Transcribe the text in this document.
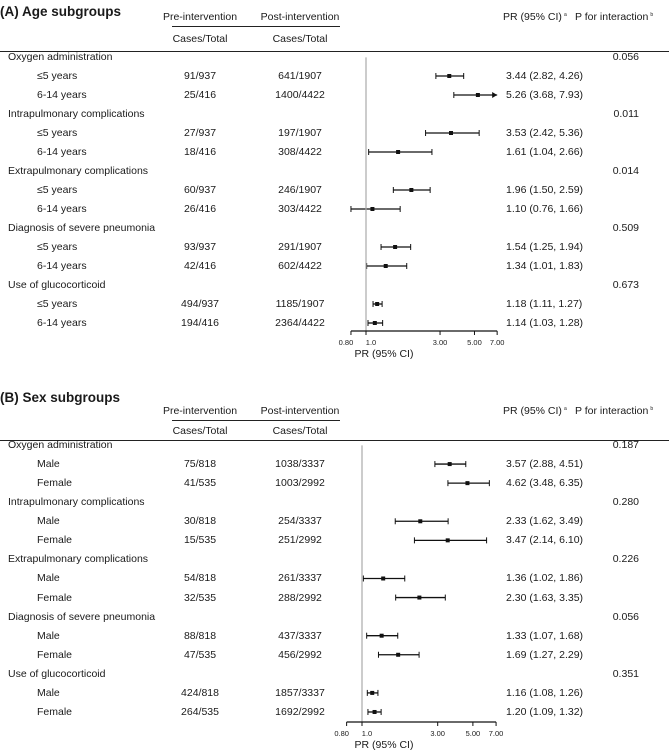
(A) Age subgroups	Pre-intervention Post-intervention
Cases/Total	Cases/Total
PR (95% CI) $^a$ P for interaction $^b$
Oxygen administration	0.056
≤5 years	91/937	641/1907	3.44 (2.82, 4.26)
6-14 years	25/416	1400/4422	5.26 (3.68, 7.93)
Intrapulmonary complications	0.011
≤5 years	27/937	197/1907	3.53 (2.42, 5.36)
6-14 years	18/416	308/4422	1.61 (1.04, 2.66)
Extrapulmonary complications	0.014
≤5 years	60/937	246/1907	1.96 (1.50, 2.59)
6-14 years	26/416	303/4422	1.10 (0.76, 1.66)
Diagnosis of severe pneumonia	0.509
≤5 years	93/937	291/1907	1.54 (1.25, 1.94)
6-14 years	42/416	602/4422	1.34 (1.01, 1.83)
Use of glucocorticoid	0.673
≤5 years	494/937	1185/1907	1.18 (1.11, 1.27)
6-14 years	194/416	2364/4422	1.14 (1.03, 1.28)
0.80 1.0	3.00	5.00 7.00
PR (95% CI)
(B) Sex subgroups
Pre-intervention Post-intervention
Cases/Total	Cases/Total
PR (95% CI) $^a$ P for interaction $^b$
Oxygen administration	0.187
Male	75/818	1038/3337	3.57 (2.88, 4.51)
Female	41/535	1003/2992	4.62 (3.48, 6.35)
Intrapulmonary complications	0.280
Male	30/818	254/3337	2.33 (1.62, 3.49)
Female	15/535	251/2992	3.47 (2.14, 6.10)
Extrapulmonary complications	0.226
Male	54/818	261/3337	1.36 (1.02, 1.86)
Female	32/535	288/2992	2.30 (1.63, 3.35)
Diagnosis of severe pneumonia	0.056
Male	88/818	437/3337	1.33 (1.07, 1.68)
Female	47/535	456/2992	1.69 (1.27, 2.29)
Use of glucocorticoid	0.351
Male	424/818	1857/3337	1.16 (1.08, 1.26)
Female	264/535	1692/2992	1.20 (1.09, 1.32)
0.80 1.0	3.00	5.00 7.00
PR (95% CI)
